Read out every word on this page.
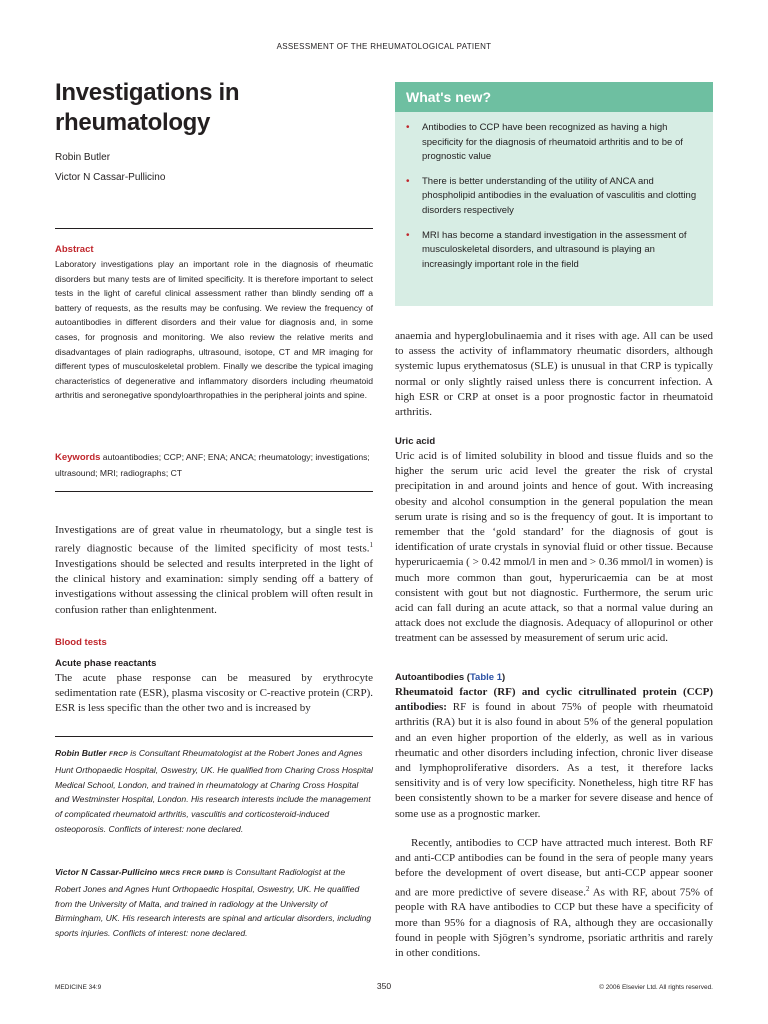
ASSESSMENT OF THE RHEUMATOLOGICAL PATIENT
Investigations in
rheumatology
Robin Butler
Victor N Cassar-Pullicino
Abstract
Laboratory investigations play an important role in the diagnosis of rheumatic disorders but many tests are of limited specificity. It is therefore important to select tests in the light of careful clinical assessment rather than blindly sending off a battery of requests, as the results may be confusing. We review the frequency of autoantibodies in different disorders and their value for diagnosis and, in some cases, for prognosis and monitoring. We also review the relative merits and disadvantages of plain radiographs, ultrasound, isotope, CT and MR imaging for different types of musculoskeletal problem. Finally we describe the typical imaging characteristics of degenerative and inflammatory disorders including rheumatoid arthritis and seronegative spondyloarthropathies in the peripheral joints and spine.
Keywords autoantibodies; CCP; ANF; ENA; ANCA; rheumatology; investigations; ultrasound; MRI; radiographs; CT
Investigations are of great value in rheumatology, but a single test is rarely diagnostic because of the limited specificity of most tests.$^1$ Investigations should be selected and results interpreted in the light of the clinical history and examination: simply sending off a battery of investigations without assessing the clinical problem will often result in confusion rather than enlightenment.
Blood tests
Acute phase reactants
The acute phase response can be measured by erythrocyte sedimentation rate (ESR), plasma viscosity or C-reactive protein (CRP). ESR is less specific than the other two and is increased by
Robin Butler FRCP is Consultant Rheumatologist at the Robert Jones and Agnes Hunt Orthopaedic Hospital, Oswestry, UK. He qualified from Charing Cross Hospital Medical School, London, and trained in rheumatology at Charing Cross Hospital and Westminster Hospital, London. His research interests include the management of complicated rheumatoid arthritis, vasculitis and corticosteroid-induced osteoporosis. Conflicts of interest: none declared.
Victor N Cassar-Pullicino MRCS FRCR DMRD is Consultant Radiologist at the Robert Jones and Agnes Hunt Orthopaedic Hospital, Oswestry, UK. He qualified from the University of Malta, and trained in radiology at the University of Birmingham, UK. His research interests are spinal and articular disorders, including sports injuries. Conflicts of interest: none declared.
What's new?
• Antibodies to CCP have been recognized as having a high specificity for the diagnosis of rheumatoid arthritis and to be of prognostic value
• There is better understanding of the utility of ANCA and phospholipid antibodies in the evaluation of vasculitis and clotting disorders respectively
• MRI has become a standard investigation in the assessment of musculoskeletal disorders, and ultrasound is playing an increasingly important role in the field
anaemia and hyperglobulinaemia and it rises with age. All can be used to assess the activity of inflammatory rheumatic disorders, although systemic lupus erythematosus (SLE) is unusual in that CRP is typically normal or only slightly raised unless there is concurrent infection. A high ESR or CRP at onset is a poor prognostic factor in rheumatoid arthritis.
Uric acid
Uric acid is of limited solubility in blood and tissue fluids and so the higher the serum uric acid level the greater the risk of crystal precipitation in and around joints and hence of gout. With increasing obesity and alcohol consumption in the general population the mean serum urate is rising and so is the frequency of gout. It is important to remember that the ‘gold standard’ for the diagnosis of gout is identification of urate crystals in synovial fluid or other tissue. Because hyperuricaemia ( > 0.42 mmol/l in men and > 0.36 mmol/l in women) is much more common than gout, hyperuricaemia can be at most consistent with gout but not diagnostic. Furthermore, the serum uric acid can fall during an acute attack, so that a normal value during an attack does not exclude the diagnosis. Adequacy of allopurinol or other treatment can be assessed by measurement of serum uric acid.
Autoantibodies (Table 1)
Rheumatoid factor (RF) and cyclic citrullinated protein (CCP) antibodies: RF is found in about 75% of people with rheumatoid arthritis (RA) but it is also found in about 5% of the general population and an even higher proportion of the elderly, as well as in various rheumatic and other disorders including infection, chronic liver disease and lymphoproliferative disorders. As a test, it therefore lacks sensitivity and is of very low specificity. Nonetheless, high titre RF has been consistently shown to be a marker for severe disease and hence of some use as a prognostic marker.
Recently, antibodies to CCP have attracted much interest. Both RF and anti-CCP antibodies can be found in the sera of people many years before the development of overt disease, but anti-CCP appear sooner and are more predictive of severe disease.$^2$ As with RF, about 75% of people with RA have antibodies to CCP but these have a specificity of more than 95% for a diagnosis of RA, although they are occasionally found in people with Sjögren’s syndrome, psoriatic arthritis and rarely in other conditions.
MEDICINE 34:9	350	© 2006 Elsevier Ltd. All rights reserved.
